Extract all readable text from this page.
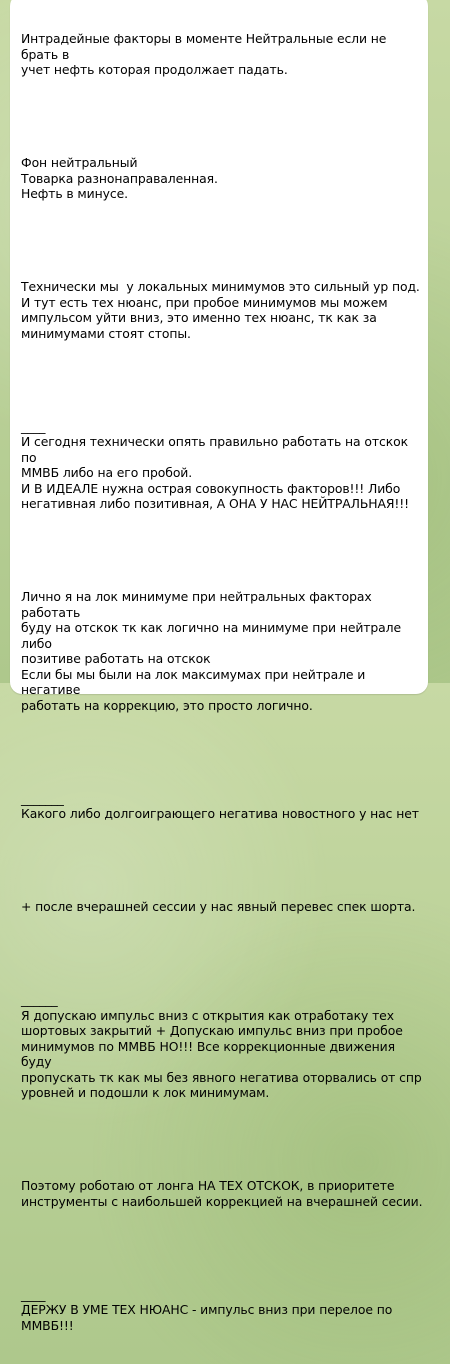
Интрадейные факторы в моменте Нейтральные если не брать в
учет нефть которая продолжает падать.

Фон нейтральный
Товарка разнонаправаленная.
Нефть в минусе.

Технически мы  у локальных минимумов это сильный ур под.
И тут есть тех нюанс, при пробое минимумов мы можем
импульсом уйти вниз, это именно тех нюанс, тк как за
минимумами стоят стопы.

____
И сегодня технически опять правильно работать на отскок по
ММВБ либо на его пробой.
И В ИДЕАЛЕ нужна острая совокупность факторов!!! Либо
негативная либо позитивная, А ОНА У НАС НЕЙТРАЛЬНАЯ!!!

Лично я на лок минимуме при нейтральных факторах работать
буду на отскок тк как логично на минимуме при нейтрале либо
позитиве работать на отскок
Если бы мы были на лок максимумах при нейтрале и негативе
работать на коррекцию, это просто логично.

_______
Какого либо долгоиграющего негатива новостного у нас нет

+ после вчерашней сессии у нас явный перевес спек шорта.

______
Я допускаю импульс вниз с открытия как отработаку тех
шортовых закрытий + Допускаю импульс вниз при пробое
минимумов по ММВБ НО!!! Все коррекционные движения буду
пропускать тк как мы без явного негатива оторвались от спр
уровней и подошли к лок минимумам.

Поэтому роботаю от лонга НА ТЕХ ОТСКОК, в приоритете
инструменты с наибольшей коррекцией на вчерашней сесии.

____
ДЕРЖУ В УМЕ ТЕХ НЮАНС - импульс вниз при перелое по
ММВБ!!!
